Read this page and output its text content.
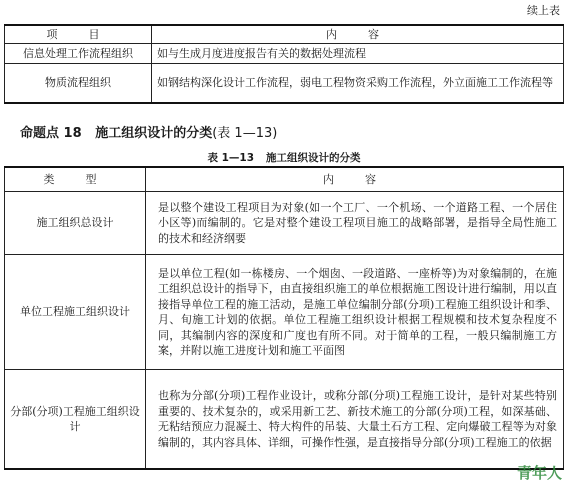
续上表
项　目	内　容
信息处理工作流程组织	如与生成月度进度报告有关的数据处理流程
物质流程组织	如钢结构深化设计工作流程，弱电工程物资采购工作流程，外立面施工工作流程等
命题点 18 施工组织设计的分类(表 1—13)
表 1—13 施工组织设计的分类
类　型	内　容
施工组织总设计	是以整个建设工程项目为对象(如一个工厂、一个机场、一个道路工程、一个居住小区等)而编制的。它是对整个建设工程项目施工的战略部署，是指导全局性施工的技术和经济纲要
单位工程施工组织设计	是以单位工程(如一栋楼房、一个烟囱、一段道路、一座桥等)为对象编制的，在施工组织总设计的指导下，由直接组织施工的单位根据施工图设计进行编制，用以直接指导单位工程的施工活动，是施工单位编制分部(分项)工程施工组织设计和季、月、旬施工计划的依据。单位工程施工组织设计根据工程规模和技术复杂程度不同，其编制内容的深度和广度也有所不同。对于简单的工程，一般只编制施工方案，并附以施工进度计划和施工平面图
分部(分项)工程施工组织设计	也称为分部(分项)工程作业设计，或称分部(分项)工程施工设计，是针对某些特别重要的、技术复杂的，或采用新工艺、新技术施工的分部(分项)工程，如深基础、无粘结预应力混凝土、特大构件的吊装、大量土石方工程、定向爆破工程等为对象编制的，其内容具体、详细，可操作性强，是直接指导分部(分项)工程施工的依据
青年人
